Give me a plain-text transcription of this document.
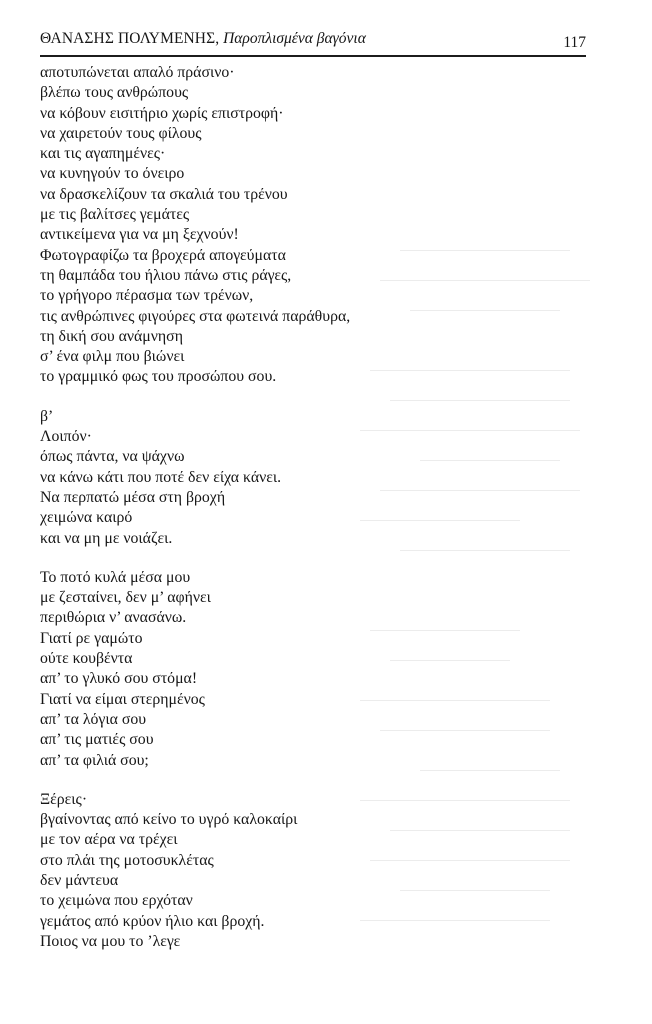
ΘΑΝΑΣΗΣ ΠΟΛΥΜΕΝΗΣ, Παροπλισμένα βαγόνια	117
αποτυπώνεται απαλό πράσινο·
βλέπω τους ανθρώπους
να κόβουν εισιτήριο χωρίς επιστροφή·
να χαιρετούν τους φίλους
και τις αγαπημένες·
να κυνηγούν το όνειρο
να δρασκελίζουν τα σκαλιά του τρένου
με τις βαλίτσες γεμάτες
αντικείμενα για να μη ξεχνούν!
Φωτογραφίζω τα βροχερά απογεύματα
τη θαμπάδα του ήλιου πάνω στις ράγες,
το γρήγορο πέρασμα των τρένων,
τις ανθρώπινες φιγούρες στα φωτεινά παράθυρα,
τη δική σου ανάμνηση
σ’ ένα φιλμ που βιώνει
το γραμμικό φως του προσώπου σου.
β’
Λοιπόν·
όπως πάντα, να ψάχνω
να κάνω κάτι που ποτέ δεν είχα κάνει.
Να περπατώ μέσα στη βροχή
χειμώνα καιρό
και να μη με νοιάζει.
Το ποτό κυλά μέσα μου
με ζεσταίνει, δεν μ’ αφήνει
περιθώρια ν’ ανασάνω.
Γιατί ρε γαμώτο
ούτε κουβέντα
απ’ το γλυκό σου στόμα!
Γιατί να είμαι στερημένος
απ’ τα λόγια σου
απ’ τις ματιές σου
απ’ τα φιλιά σου;
Ξέρεις·
βγαίνοντας από κείνο το υγρό καλοκαίρι
με τον αέρα να τρέχει
στο πλάι της μοτοσυκλέτας
δεν μάντευα
το χειμώνα που ερχόταν
γεμάτος από κρύον ήλιο και βροχή.
Ποιος να μου το ’λεγε
